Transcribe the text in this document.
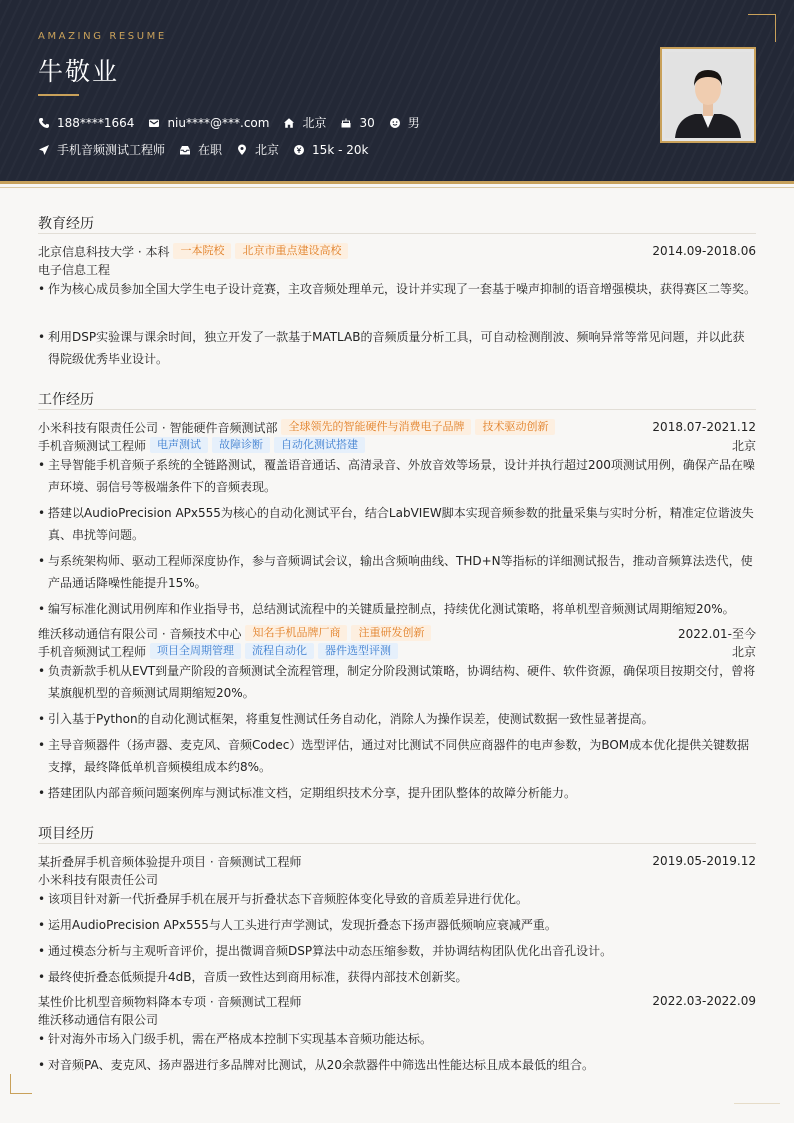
AMAZING RESUME
牛敬业
188****1664	niu****@***.com	北京	30	男
手机音频测试工程师	在职	北京	15k - 20k
教育经历
北京信息科技大学 · 本科	一本院校	北京市重点建设高校	2014.09-2018.06
电子信息工程
• 作为核心成员参加全国大学生电子设计竞赛，主攻音频处理单元，设计并实现了一套基于噪声抑制的语音增强模块，获得赛区二等奖。
• 利用DSP实验课与课余时间，独立开发了一款基于MATLAB的音频质量分析工具，可自动检测削波、频响异常等常见问题，并以此获得院级优秀毕业设计。
工作经历
小米科技有限责任公司 · 智能硬件音频测试部	全球领先的智能硬件与消费电子品牌	技术驱动创新	2018.07-2021.12
手机音频测试工程师	电声测试	故障诊断	自动化测试搭建	北京
• 主导智能手机音频子系统的全链路测试，覆盖语音通话、高清录音、外放音效等场景，设计并执行超过200项测试用例，确保产品在噪声环境、弱信号等极端条件下的音频表现。
• 搭建以AudioPrecision APx555为核心的自动化测试平台，结合LabVIEW脚本实现音频参数的批量采集与实时分析，精准定位谐波失真、串扰等问题。
• 与系统架构师、驱动工程师深度协作，参与音频调试会议，输出含频响曲线、THD+N等指标的详细测试报告，推动音频算法迭代，使产品通话降噪性能提升15%。
• 编写标准化测试用例库和作业指导书，总结测试流程中的关键质量控制点，持续优化测试策略，将单机型音频测试周期缩短20%。
维沃移动通信有限公司 · 音频技术中心	知名手机品牌厂商	注重研发创新	2022.01-至今
手机音频测试工程师	项目全周期管理	流程自动化	器件选型评测	北京
• 负责新款手机从EVT到量产阶段的音频测试全流程管理，制定分阶段测试策略，协调结构、硬件、软件资源，确保项目按期交付，曾将某旗舰机型的音频测试周期缩短20%。
• 引入基于Python的自动化测试框架，将重复性测试任务自动化，消除人为操作误差，使测试数据一致性显著提高。
• 主导音频器件（扬声器、麦克风、音频Codec）选型评估，通过对比测试不同供应商器件的电声参数，为BOM成本优化提供关键数据支撑，最终降低单机音频模组成本约8%。
• 搭建团队内部音频问题案例库与测试标准文档，定期组织技术分享，提升团队整体的故障分析能力。
项目经历
某折叠屏手机音频体验提升项目 · 音频测试工程师	2019.05-2019.12
小米科技有限责任公司
• 该项目针对新一代折叠屏手机在展开与折叠状态下音频腔体变化导致的音质差异进行优化。
• 运用AudioPrecision APx555与人工头进行声学测试，发现折叠态下扬声器低频响应衰减严重。
• 通过模态分析与主观听音评价，提出微调音频DSP算法中动态压缩参数，并协调结构团队优化出音孔设计。
• 最终使折叠态低频提升4dB，音质一致性达到商用标准，获得内部技术创新奖。
某性价比机型音频物料降本专项 · 音频测试工程师	2022.03-2022.09
维沃移动通信有限公司
• 针对海外市场入门级手机，需在严格成本控制下实现基本音频功能达标。
• 对音频PA、麦克风、扬声器进行多品牌对比测试，从20余款器件中筛选出性能达标且成本最低的组合。
